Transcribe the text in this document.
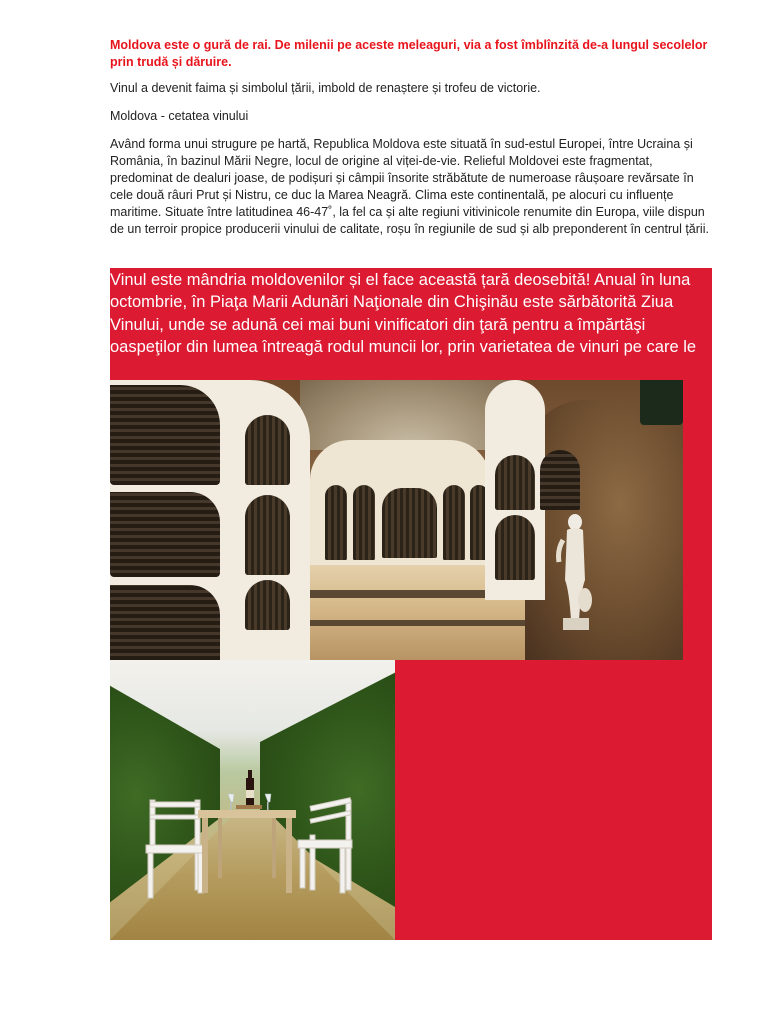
Moldova este o gură de rai. De milenii pe aceste meleaguri, via a fost îmblînzită de-a lungul secolelor prin trudă și dăruire.
Vinul a devenit faima și simbolul țării, imbold de renaștere și trofeu de victorie.
Moldova - cetatea vinului
Având forma unui strugure pe hartă, Republica Moldova este situată în sud-estul Europei, între Ucraina și România, în bazinul Mării Negre, locul de origine al viței-de-vie. Relieful Moldovei este fragmentat, predominat de dealuri joase, de podișuri și câmpii însorite străbătute de numeroase râușoare revărsate în cele două râuri Prut și Nistru, ce duc la Marea Neagră. Clima este continentală, pe alocuri cu influențe maritime. Situate între latitudinea 46-47˚, la fel ca și alte regiuni vitivinicole renumite din Europa, viile dispun de un terroir propice producerii vinului de calitate, roșu în regiunile de sud și alb preponderent în centrul țării.
Vinul este mândria moldovenilor și el face această țară deosebită! Anual în luna octombrie, în Piaţa Marii Adunări Naţionale din Chişinău este sărbătorită Ziua Vinului, unde se adună cei mai buni vinificatori din ţară pentru a împărtăşi oaspeţilor din lumea întreagă rodul muncii lor, prin varietatea de vinuri pe care le
